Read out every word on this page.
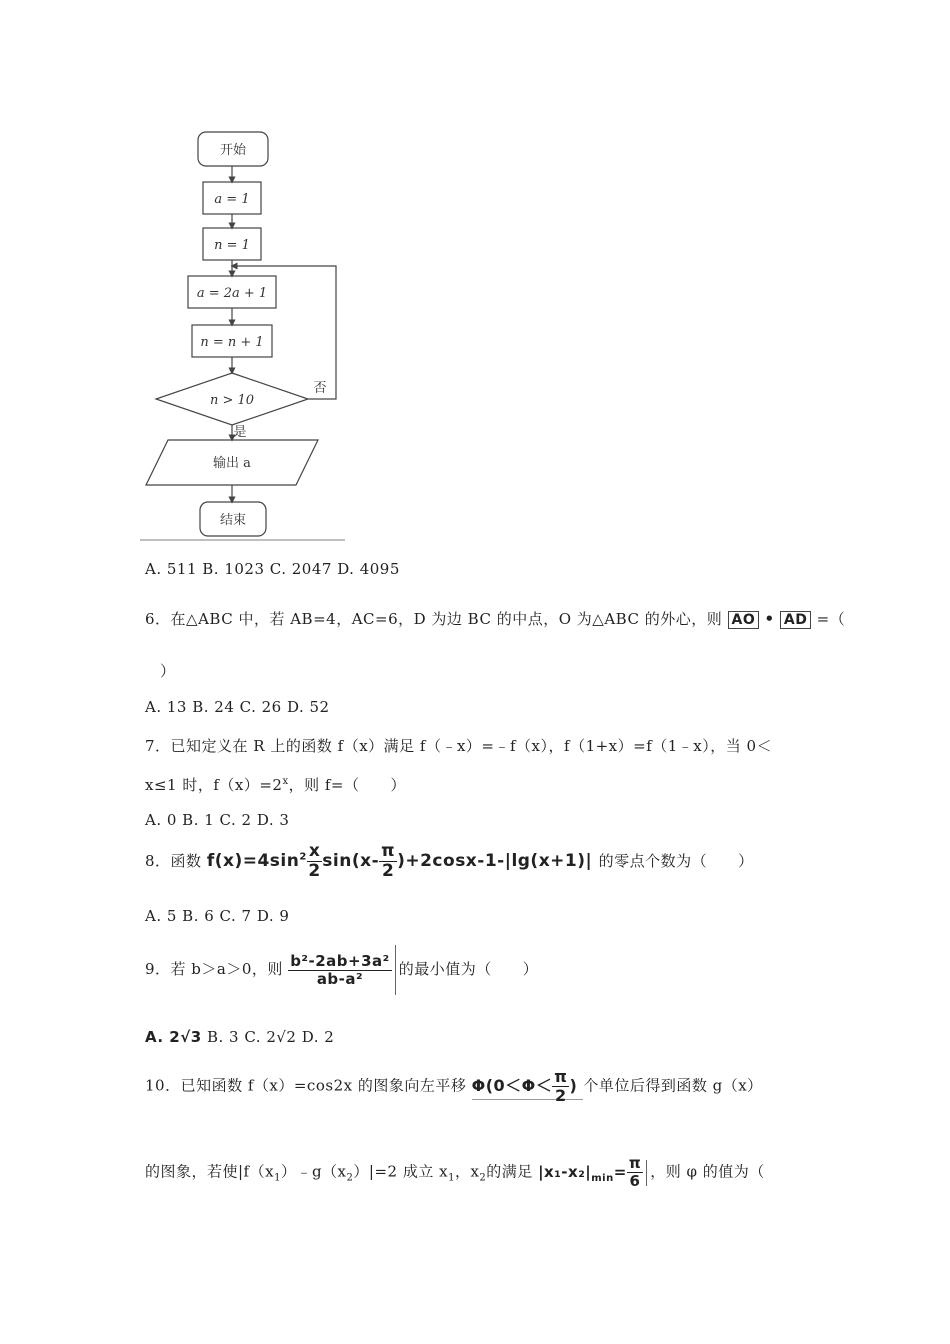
开始
a = 1
n = 1
a = 2a + 1
n = n + 1
n > 10
否
是
输出 a
结束
A. 511 B. 1023 C. 2047 D. 4095
6．在△ABC 中，若 AB=4，AC=6，D 为边 BC 的中点，O 为△ABC 的外心，则 AO • AD =（
）
A. 13 B. 24 C. 26 D. 52
7．已知定义在 R 上的函数 f（x）满足 f（﹣x）=﹣f（x），f（1+x）=f（1﹣x），当 0＜
x≤1 时，$f(x)=2^x$，则 f=（　　）
A. 0 B. 1 C. 2 D. 3
8．函数 $f(x)=4\sin^2 \frac{x}{2} \sin(x- \frac{\pi}{2} )+2\cos x-1-|\lg(x+1)|$ 的零点个数为（　　）
A. 5 B. 6 C. 7 D. 9
9．若 b＞a＞0，则 $\frac{\text{b²-2ab+3a²}}{\text{ab-a²}}$ 的最小值为（　　）
A. 2√3 B. 3 C. 2√2 D. 2
10．已知函数 f（x）=cos2x 的图象向左平移 $\Phi(0<\Phi< \frac{\pi}{2}$ ) 个单位后得到函数 g（x）
的图象，若使$|f(x_1)﹣g(x_2)|=2$ 成立 $x_1$，$x_2$的满足 $|x_1-x_2|_{min}= \frac{\pi}{6}$ ，则 φ 的值为（
